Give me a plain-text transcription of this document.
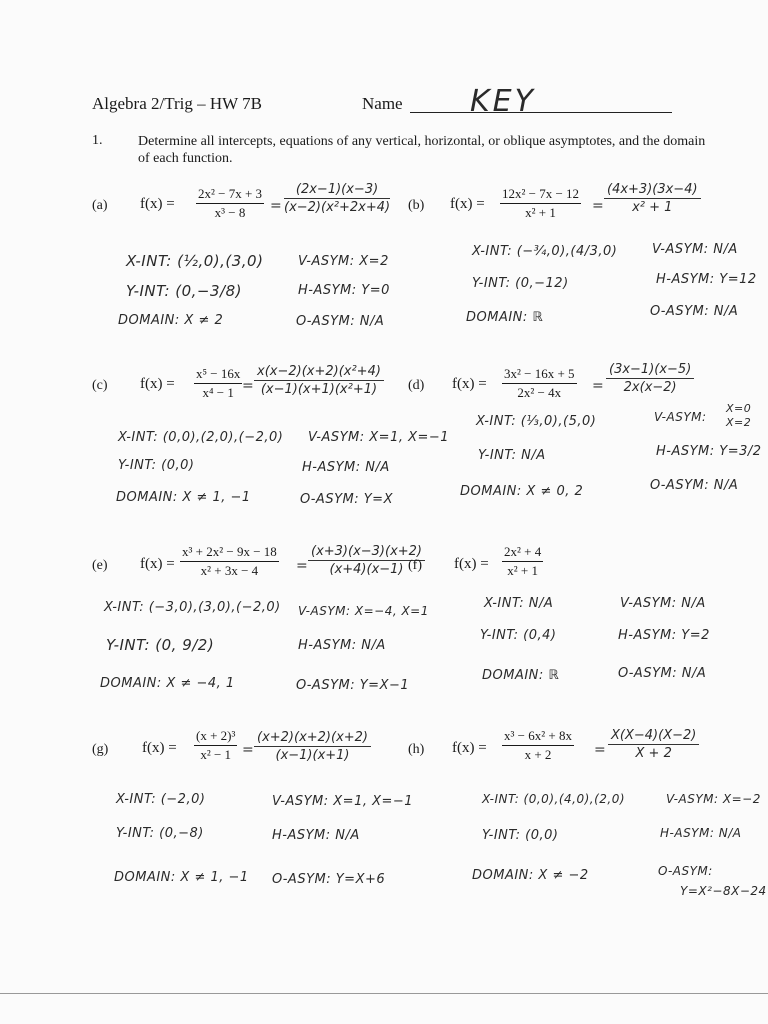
Algebra 2/Trig – HW 7B	Name KEY
1.	Determine all intercepts, equations of any vertical, horizontal, or oblique asymptotes, and the domain of each function.
(a) $f(x) = \frac{\text{2x² − 7x + 3}}{\text{x³ − 8}} = \frac{(2x-1)(x-3)}{\text{(x−2)(x²+2x+4)}}$
X-INT: (½,0),(3,0)
Y-INT: (0,−3/8)
DOMAIN: X ≠ 2
V-ASYM: X=2
H-ASYM: Y=0
O-ASYM: N/A
(b) $f(x) = \frac{\text{12x² − 7x − 12}}{\text{x² + 1}} = \frac{(4x+3)(3x-4)}{\text{x² + 1}}$
X-INT: (−¾,0),(4/3,0)
Y-INT: (0,−12)
DOMAIN: ℝ
V-ASYM: N/A
H-ASYM: Y=12
O-ASYM: N/A
(c) $f(x) = \frac{\text{x⁵ − 16x}}{\text{x⁴ − 1}} = \frac{\text{x(x−2)(x+2)(x²+4)}}{\text{(x−1)(x+1)(x²+1)}}$
X-INT: (0,0),(2,0),(−2,0)
Y-INT: (0,0)
DOMAIN: X ≠ 1, −1
V-ASYM: X=1, X=−1
H-ASYM: N/A
O-ASYM: Y=X
(d) $f(x) = \frac{\text{3x² − 16x + 5}}{\text{2x² − 4x}} = \frac{(3x-1)(x-5)}{2x(x-2)}$
X-INT: (⅓,0),(5,0)
Y-INT: N/A
DOMAIN: X ≠ 0, 2
V-ASYM:
X=0
X=2
H-ASYM: Y=3/2
O-ASYM: N/A
(e) $f(x) = \frac{\text{x³ + 2x² − 9x − 18}}{\text{x² + 3x − 4}} = \frac{(x+3)(x-3)(x+2)}{(x+4)(x-1)}$
X-INT: (−3,0),(3,0),(−2,0)
Y-INT: (0, 9/2)
DOMAIN: X ≠ −4, 1
V-ASYM: X=−4, X=1
H-ASYM: N/A
O-ASYM: Y=X−1
(f) $f(x) = \frac{\text{2x² + 4}}{\text{x² + 1}}$
X-INT: N/A
Y-INT: (0,4)
DOMAIN: ℝ
V-ASYM: N/A
H-ASYM: Y=2
O-ASYM: N/A
(g) $f(x) = \frac{\text{(x + 2)³}}{\text{x² − 1}} = \frac{(x+2)(x+2)(x+2)}{(x-1)(x+1)}$
X-INT: (−2,0)
Y-INT: (0,−8)
DOMAIN: X ≠ 1, −1
V-ASYM: X=1, X=−1
H-ASYM: N/A
O-ASYM: Y=X+6
(h) $f(x) = \frac{\text{x³ − 6x² + 8x}}{x + 2} = \frac{X(X-4)(X-2)}{X + 2}$
X-INT: (0,0),(4,0),(2,0)
Y-INT: (0,0)
DOMAIN: X ≠ −2
V-ASYM: X=−2
H-ASYM: N/A
O-ASYM:
Y=X²−8X−24
